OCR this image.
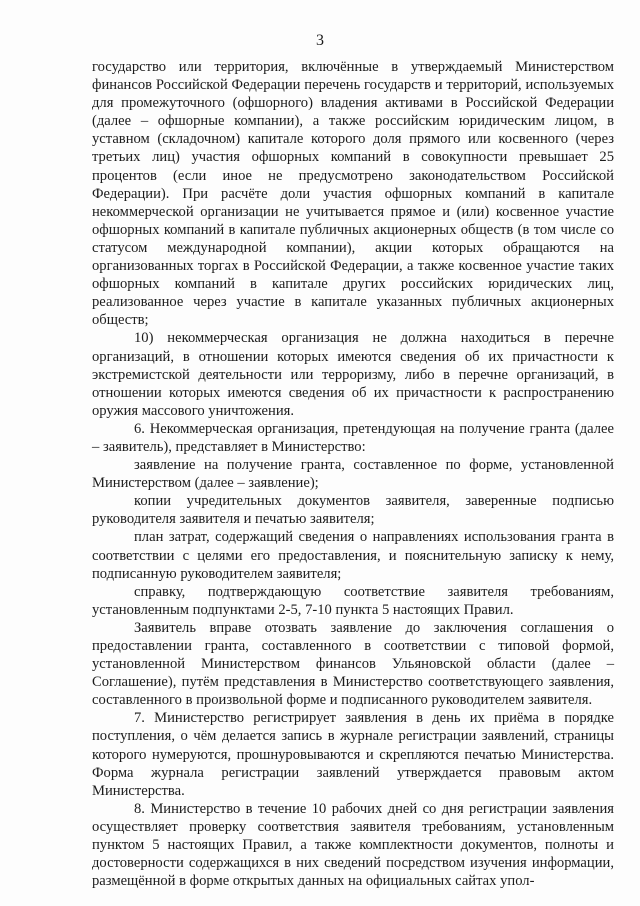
3

государство или территория, включённые в утверждаемый Министерством финансов Российской Федерации перечень государств и территорий, используемых для промежуточного (офшорного) владения активами в Российской Федерации (далее – офшорные компании), а также российским юридическим лицом, в уставном (складочном) капитале которого доля прямого или косвенного (через третьих лиц) участия офшорных компаний в совокупности превышает 25 процентов (если иное не предусмотрено законодательством Российской Федерации). При расчёте доли участия офшорных компаний в капитале некоммерческой организации не учитывается прямое и (или) косвенное участие офшорных компаний в капитале публичных акционерных обществ (в том числе со статусом международной компании), акции которых обращаются на организованных торгах в Российской Федерации, а также косвенное участие таких офшорных компаний в капитале других российских юридических лиц, реализованное через участие в капитале указанных публичных акционерных обществ;

10) некоммерческая организация не должна находиться в перечне организаций, в отношении которых имеются сведения об их причастности к экстремистской деятельности или терроризму, либо в перечне организаций, в отношении которых имеются сведения об их причастности к распространению оружия массового уничтожения.

6. Некоммерческая организация, претендующая на получение гранта (далее – заявитель), представляет в Министерство:

заявление на получение гранта, составленное по форме, установленной Министерством (далее – заявление);

копии учредительных документов заявителя, заверенные подписью руководителя заявителя и печатью заявителя;

план затрат, содержащий сведения о направлениях использования гранта в соответствии с целями его предоставления, и пояснительную записку к нему, подписанную руководителем заявителя;

справку, подтверждающую соответствие заявителя требованиям, установленным подпунктами 2-5, 7-10 пункта 5 настоящих Правил.

Заявитель вправе отозвать заявление до заключения соглашения о предоставлении гранта, составленного в соответствии с типовой формой, установленной Министерством финансов Ульяновской области (далее – Соглашение), путём представления в Министерство соответствующего заявления, составленного в произвольной форме и подписанного руководителем заявителя.

7. Министерство регистрирует заявления в день их приёма в порядке поступления, о чём делается запись в журнале регистрации заявлений, страницы которого нумеруются, прошнуровываются и скрепляются печатью Министерства. Форма журнала регистрации заявлений утверждается правовым актом Министерства.

8. Министерство в течение 10 рабочих дней со дня регистрации заявления осуществляет проверку соответствия заявителя требованиям, установленным пунктом 5 настоящих Правил, а также комплектности документов, полноты и достоверности содержащихся в них сведений посредством изучения информации, размещённой в форме открытых данных на официальных сайтах упол-
